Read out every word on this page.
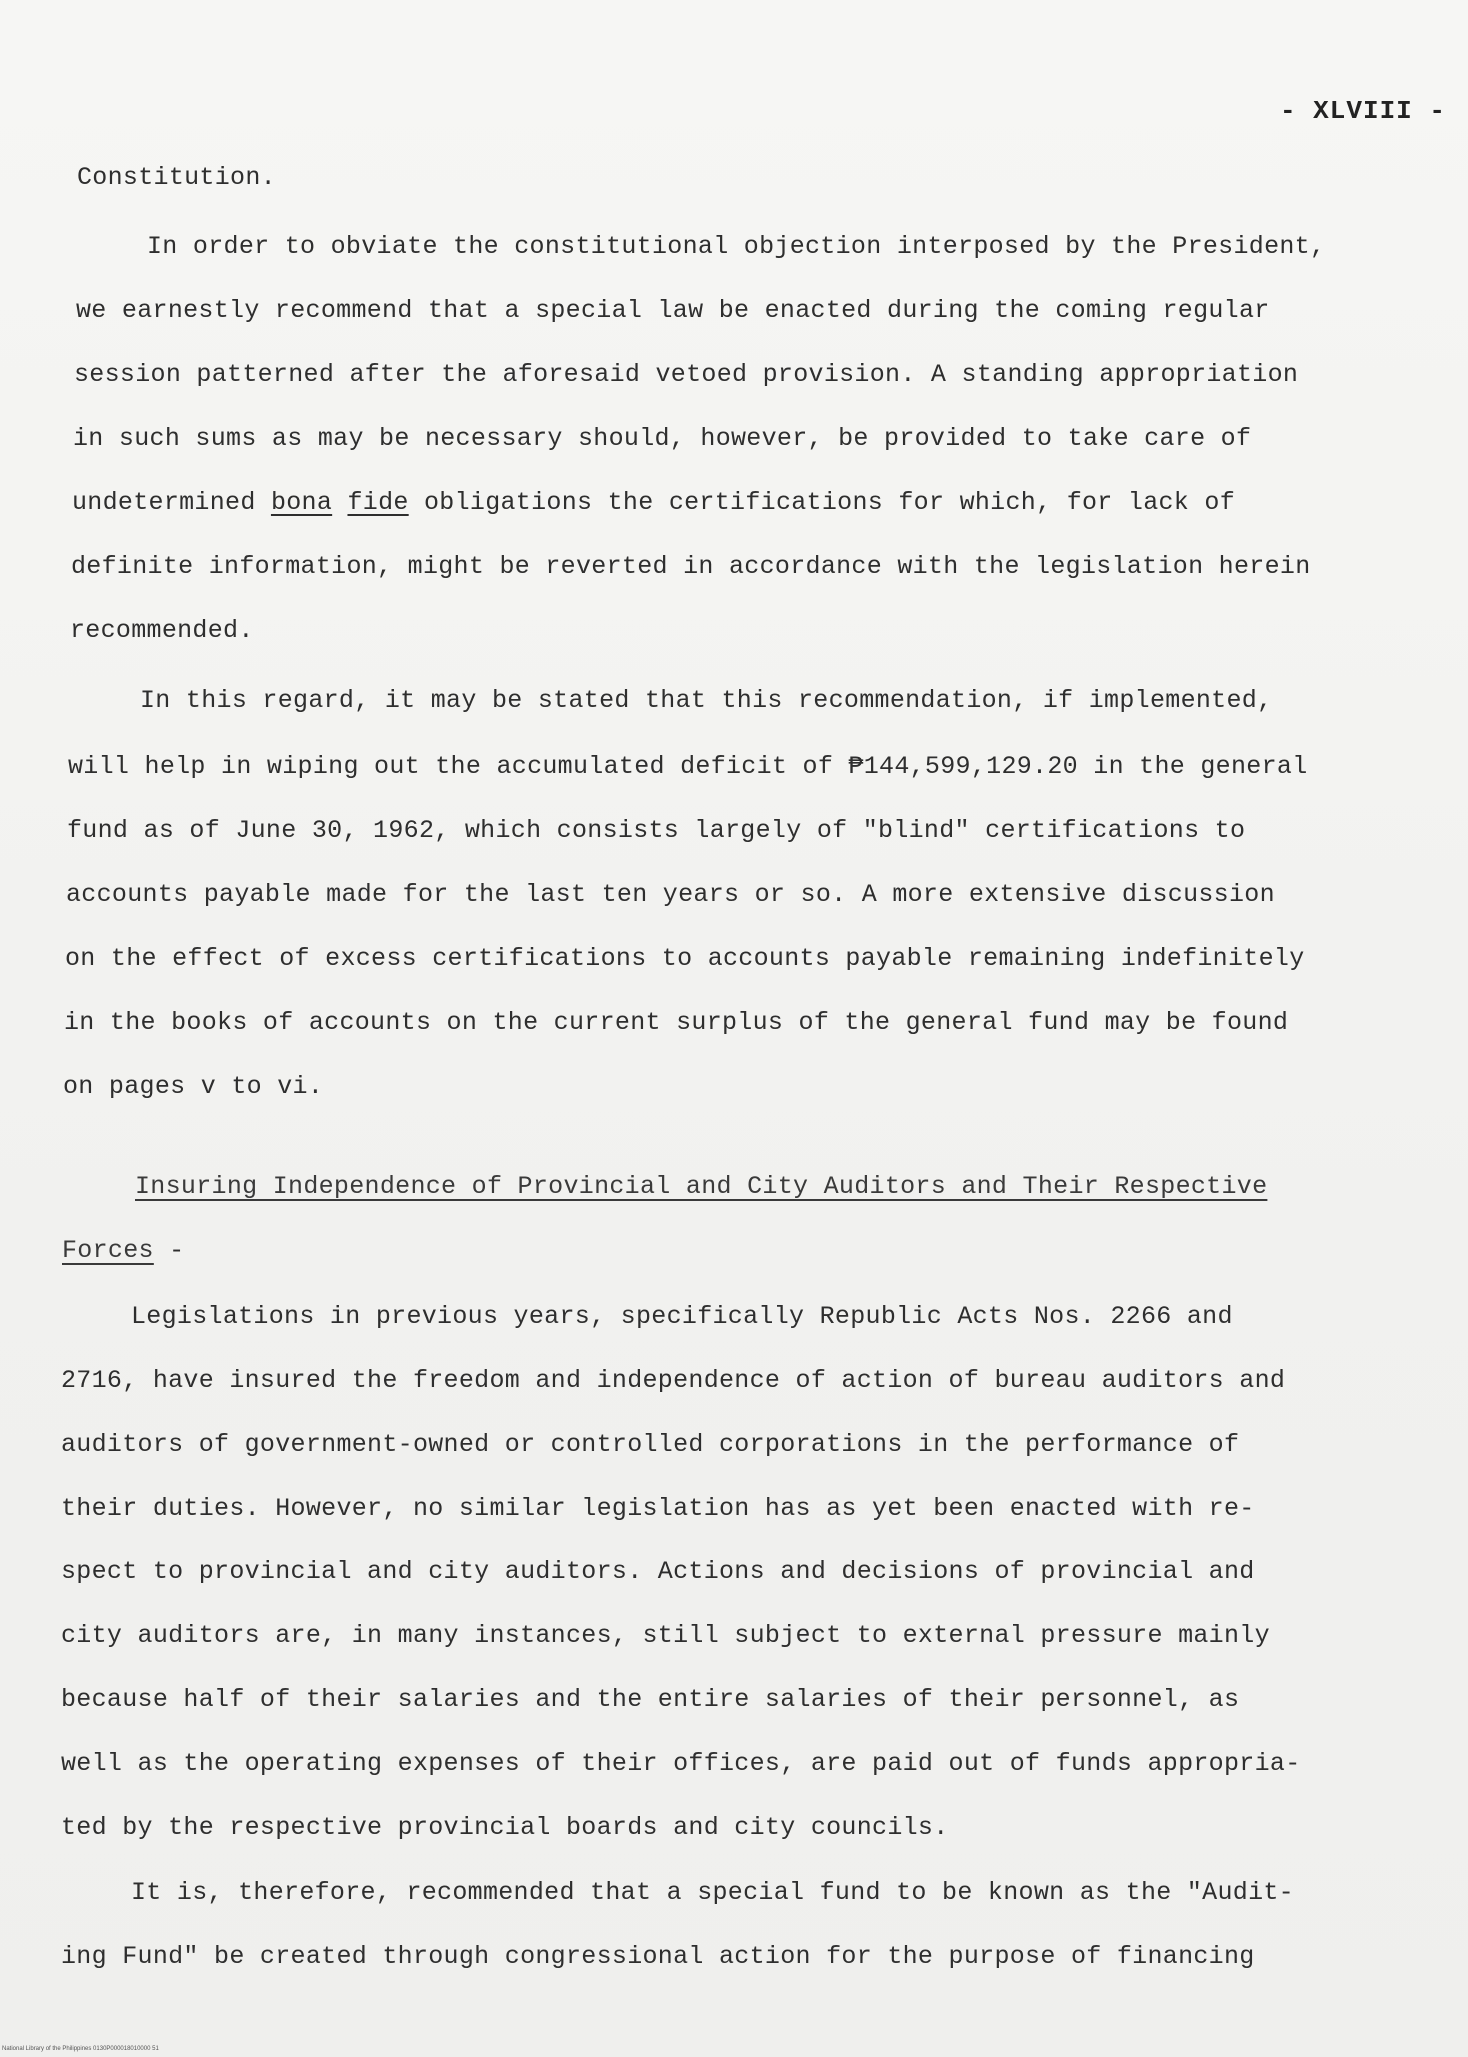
- XLVIII -
Constitution.
In order to obviate the constitutional objection interposed by the President,
we earnestly recommend that a special law be enacted during the coming regular
session patterned after the aforesaid vetoed provision. A standing appropriation
in such sums as may be necessary should, however, be provided to take care of
undetermined bona fide obligations the certifications for which, for lack of
definite information, might be reverted in accordance with the legislation herein
recommended.
In this regard, it may be stated that this recommendation, if implemented,
will help in wiping out the accumulated deficit of ₱144,599,129.20 in the general
fund as of June 30, 1962, which consists largely of "blind" certifications to
accounts payable made for the last ten years or so. A more extensive discussion
on the effect of excess certifications to accounts payable remaining indefinitely
in the books of accounts on the current surplus of the general fund may be found
on pages v to vi.
Insuring Independence of Provincial and City Auditors and Their Respective
Forces -
Legislations in previous years, specifically Republic Acts Nos. 2266 and
2716, have insured the freedom and independence of action of bureau auditors and
auditors of government-owned or controlled corporations in the performance of
their duties. However, no similar legislation has as yet been enacted with re-
spect to provincial and city auditors. Actions and decisions of provincial and
city auditors are, in many instances, still subject to external pressure mainly
because half of their salaries and the entire salaries of their personnel, as
well as the operating expenses of their offices, are paid out of funds appropria-
ted by the respective provincial boards and city councils.
It is, therefore, recommended that a special fund to be known as the "Audit-
ing Fund" be created through congressional action for the purpose of financing
National Library of the Philippines 0130P000018010000 51
